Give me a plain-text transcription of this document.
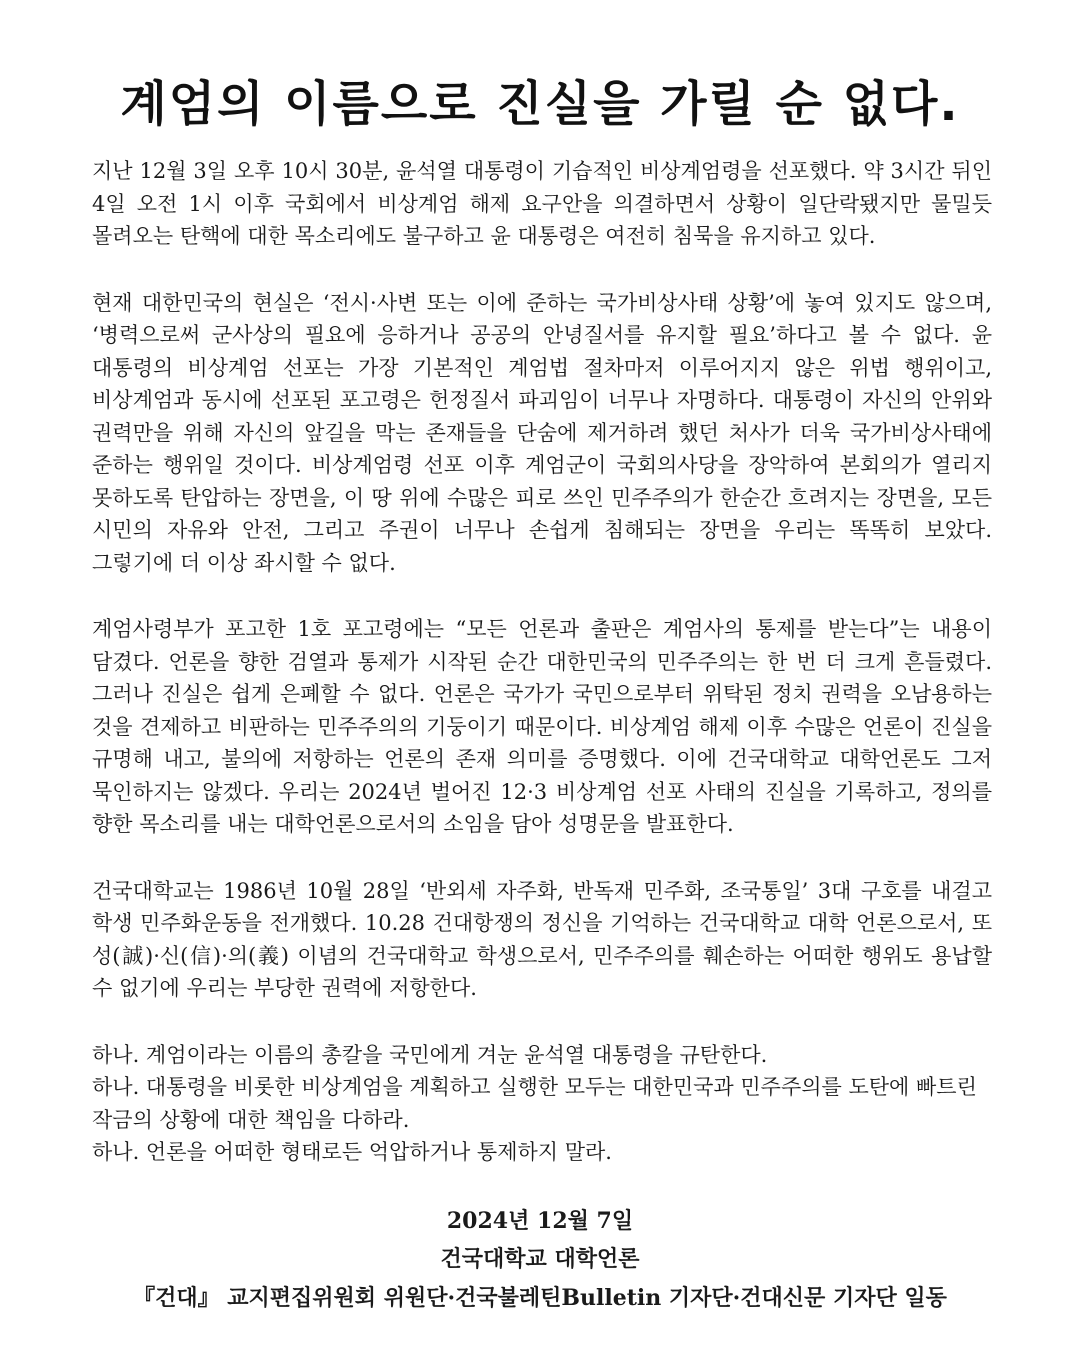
계엄의 이름으로 진실을 가릴 순 없다.

지난 12월 3일 오후 10시 30분, 윤석열 대통령이 기습적인 비상계엄령을 선포했다. 약 3시간 뒤인 4일 오전 1시 이후 국회에서 비상계엄 해제 요구안을 의결하면서 상황이 일단락됐지만 물밀듯 몰려오는 탄핵에 대한 목소리에도 불구하고 윤 대통령은 여전히 침묵을 유지하고 있다.

현재 대한민국의 현실은 ‘전시·사변 또는 이에 준하는 국가비상사태 상황’에 놓여 있지도 않으며, ‘병력으로써 군사상의 필요에 응하거나 공공의 안녕질서를 유지할 필요’하다고 볼 수 없다. 윤 대통령의 비상계엄 선포는 가장 기본적인 계엄법 절차마저 이루어지지 않은 위법 행위이고, 비상계엄과 동시에 선포된 포고령은 헌정질서 파괴임이 너무나 자명하다. 대통령이 자신의 안위와 권력만을 위해 자신의 앞길을 막는 존재들을 단숨에 제거하려 했던 처사가 더욱 국가비상사태에 준하는 행위일 것이다. 비상계엄령 선포 이후 계엄군이 국회의사당을 장악하여 본회의가 열리지 못하도록 탄압하는 장면을, 이 땅 위에 수많은 피로 쓰인 민주주의가 한순간 흐려지는 장면을, 모든 시민의 자유와 안전, 그리고 주권이 너무나 손쉽게 침해되는 장면을 우리는 똑똑히 보았다. 그렇기에 더 이상 좌시할 수 없다.

계엄사령부가 포고한 1호 포고령에는 “모든 언론과 출판은 계엄사의 통제를 받는다”는 내용이 담겼다. 언론을 향한 검열과 통제가 시작된 순간 대한민국의 민주주의는 한 번 더 크게 흔들렸다. 그러나 진실은 쉽게 은폐할 수 없다. 언론은 국가가 국민으로부터 위탁된 정치 권력을 오남용하는 것을 견제하고 비판하는 민주주의의 기둥이기 때문이다. 비상계엄 해제 이후 수많은 언론이 진실을 규명해 내고, 불의에 저항하는 언론의 존재 의미를 증명했다. 이에 건국대학교 대학언론도 그저 묵인하지는 않겠다. 우리는 2024년 벌어진 12·3 비상계엄 선포 사태의 진실을 기록하고, 정의를 향한 목소리를 내는 대학언론으로서의 소임을 담아 성명문을 발표한다.

건국대학교는 1986년 10월 28일 ‘반외세 자주화, 반독재 민주화, 조국통일’ 3대 구호를 내걸고 학생 민주화운동을 전개했다. 10.28 건대항쟁의 정신을 기억하는 건국대학교 대학 언론으로서, 또 성(誠)·신(信)·의(義) 이념의 건국대학교 학생으로서, 민주주의를 훼손하는 어떠한 행위도 용납할 수 없기에 우리는 부당한 권력에 저항한다.

하나. 계엄이라는 이름의 총칼을 국민에게 겨눈 윤석열 대통령을 규탄한다.
하나. 대통령을 비롯한 비상계엄을 계획하고 실행한 모두는 대한민국과 민주주의를 도탄에 빠트린 작금의 상황에 대한 책임을 다하라.
하나. 언론을 어떠한 형태로든 억압하거나 통제하지 말라.
2024년 12월 7일
건국대학교 대학언론
『건대』 교지편집위원회 위원단·건국불레틴Bulletin 기자단·건대신문 기자단 일동
